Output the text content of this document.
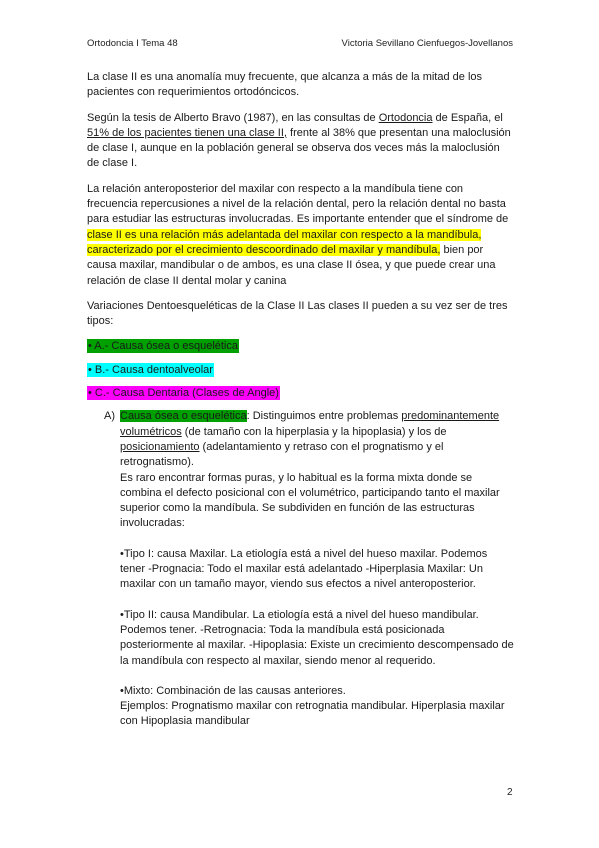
Ortodoncia I Tema 48	Victoria Sevillano Cienfuegos-Jovellanos

La clase II es una anomalía muy frecuente, que alcanza a más de la mitad de los pacientes con requerimientos ortodóncicos.

Según la tesis de Alberto Bravo (1987), en las consultas de Ortodoncia de España, el 51% de los pacientes tienen una clase II, frente al 38% que presentan una maloclusión de clase I, aunque en la población general se observa dos veces más la maloclusión de clase I.

La relación anteroposterior del maxilar con respecto a la mandíbula tiene con frecuencia repercusiones a nivel de la relación dental, pero la relación dental no basta para estudiar las estructuras involucradas. Es importante entender que el síndrome de clase II es una relación más adelantada del maxilar con respecto a la mandíbula, caracterizado por el crecimiento descoordinado del maxilar y mandíbula, bien por causa maxilar, mandibular o de ambos, es una clase II ósea, y que puede crear una relación de clase II dental molar y canina

Variaciones Dentoesqueléticas de la Clase II Las clases II pueden a su vez ser de tres tipos:

• A.- Causa ósea o esquelética
• B.- Causa dentoalveolar
• C.- Causa Dentaria (Clases de Angle)
A) Causa ósea o esquelética: Distinguimos entre problemas predominantemente volumétricos (de tamaño con la hiperplasia y la hipoplasia) y los de posicionamiento (adelantamiento y retraso con el prognatismo y el retrognatismo).
Es raro encontrar formas puras, y lo habitual es la forma mixta donde se combina el defecto posicional con el volumétrico, participando tanto el maxilar superior como la mandíbula. Se subdividen en función de las estructuras involucradas:

•Tipo I: causa Maxilar. La etiología está a nivel del hueso maxilar. Podemos tener -Prognacia: Todo el maxilar está adelantado -Hiperplasia Maxilar: Un maxilar con un tamaño mayor, viendo sus efectos a nivel anteroposterior.

•Tipo II: causa Mandibular. La etiología está a nivel del hueso mandibular. Podemos tener. -Retrognacia: Toda la mandíbula está posicionada posteriormente al maxilar. -Hipoplasia: Existe un crecimiento descompensado de la mandíbula con respecto al maxilar, siendo menor al requerido.

•Mixto: Combinación de las causas anteriores.
Ejemplos: Prognatismo maxilar con retrognatia mandibular. Hiperplasia maxilar con Hipoplasia mandibular

2
